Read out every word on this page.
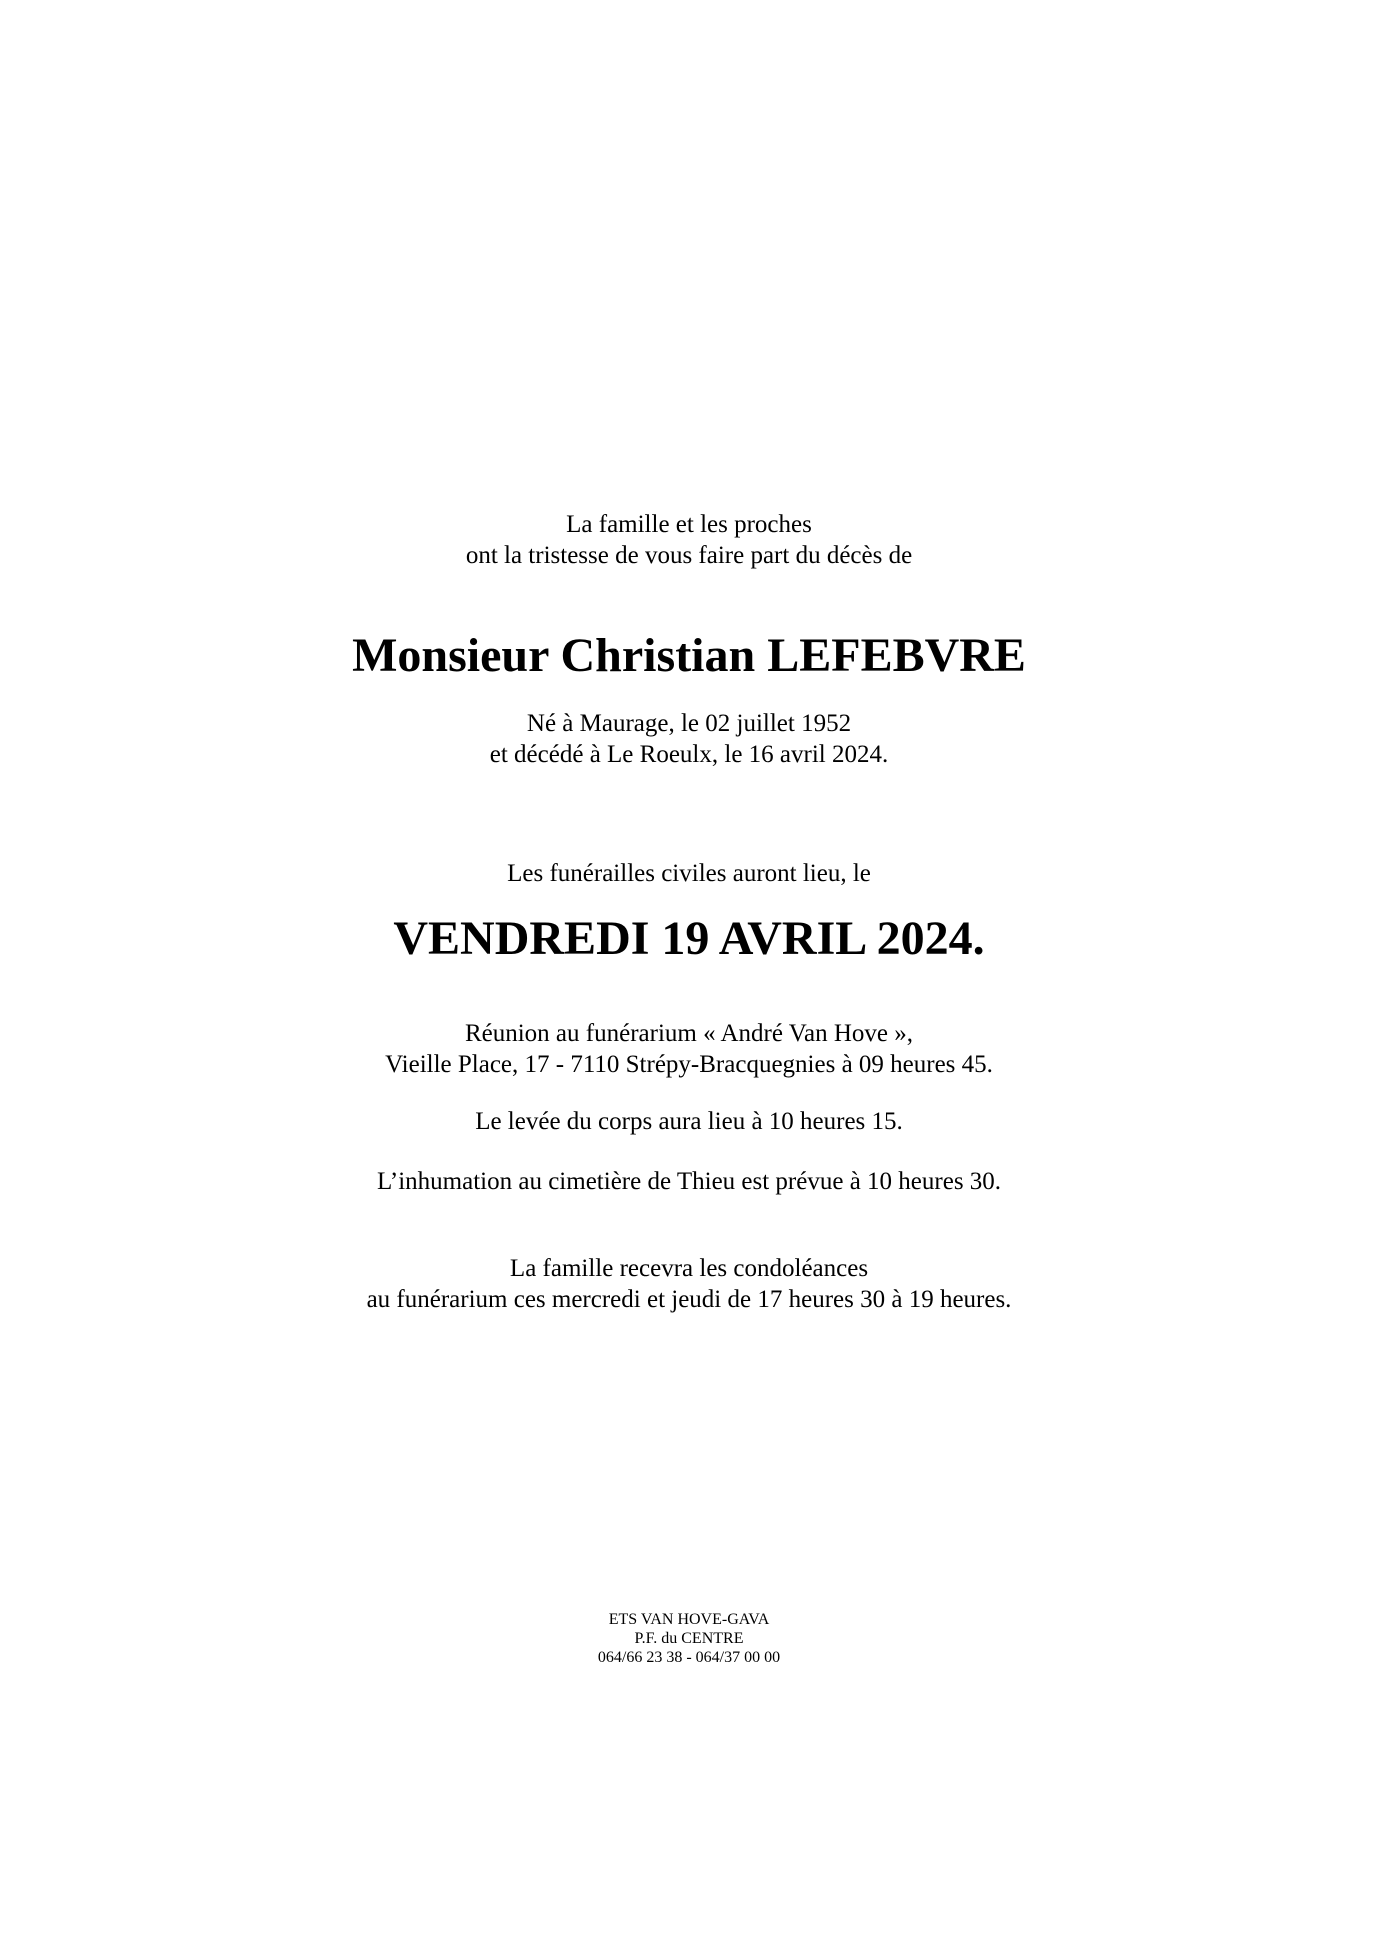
La famille et les proches
ont la tristesse de vous faire part du décès de
Monsieur Christian LEFEBVRE
Né à Maurage, le 02 juillet 1952
et décédé à Le Roeulx, le 16 avril 2024.
Les funérailles civiles auront lieu, le
VENDREDI 19 AVRIL 2024.
Réunion au funérarium « André Van Hove »,
Vieille Place, 17 - 7110 Strépy-Bracquegnies à 09 heures 45.
Le levée du corps aura lieu à 10 heures 15.
L’inhumation au cimetière de Thieu est prévue à 10 heures 30.
La famille recevra les condoléances
au funérarium ces mercredi et jeudi de 17 heures 30 à 19 heures.
ETS VAN HOVE-GAVA
P.F. du CENTRE
064/66 23 38 - 064/37 00 00
